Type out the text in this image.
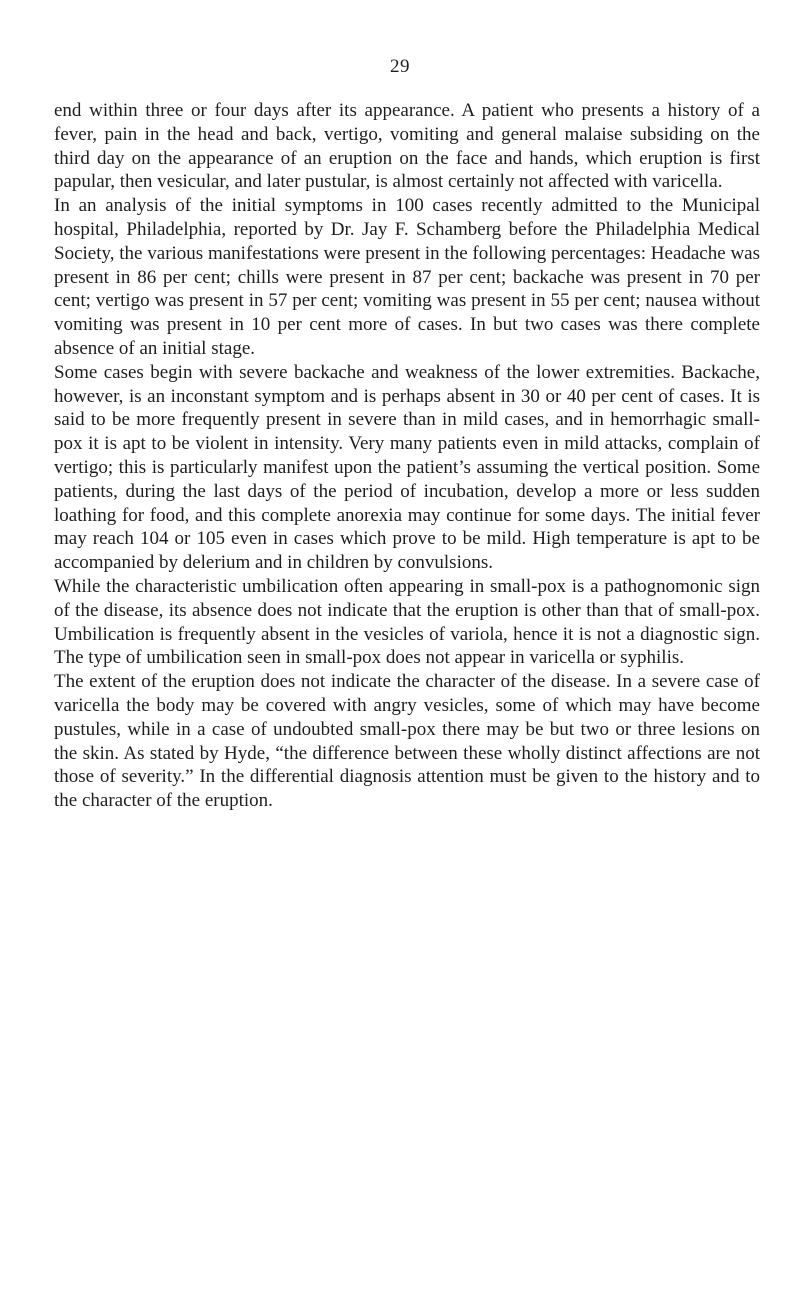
29

end within three or four days after its appearance. A patient who presents a history of a fever, pain in the head and back, vertigo, vomiting and general malaise subsiding on the third day on the appearance of an eruption on the face and hands, which eruption is first papular, then vesicular, and later pustular, is almost certainly not affected with varicella.

In an analysis of the initial symptoms in 100 cases recently admitted to the Municipal hospital, Philadelphia, reported by Dr. Jay F. Schamberg before the Philadelphia Medical Society, the various manifestations were present in the following percentages: Headache was present in 86 per cent; chills were present in 87 per cent; backache was present in 70 per cent; vertigo was present in 57 per cent; vomiting was present in 55 per cent; nausea without vomiting was present in 10 per cent more of cases. In but two cases was there complete absence of an initial stage.

Some cases begin with severe backache and weakness of the lower extremities. Backache, however, is an inconstant symptom and is perhaps absent in 30 or 40 per cent of cases. It is said to be more frequently present in severe than in mild cases, and in hemorrhagic small-pox it is apt to be violent in intensity. Very many patients even in mild attacks, complain of vertigo; this is particularly manifest upon the patient’s assuming the vertical position. Some patients, during the last days of the period of incubation, develop a more or less sudden loathing for food, and this complete anorexia may continue for some days. The initial fever may reach 104 or 105 even in cases which prove to be mild. High temperature is apt to be accompanied by delerium and in children by convulsions.

While the characteristic umbilication often appearing in small-pox is a pathognomonic sign of the disease, its absence does not indicate that the eruption is other than that of small-pox. Umbilication is frequently absent in the vesicles of variola, hence it is not a diagnostic sign. The type of umbilication seen in small-pox does not appear in varicella or syphilis.

The extent of the eruption does not indicate the character of the disease. In a severe case of varicella the body may be covered with angry vesicles, some of which may have become pustules, while in a case of undoubted small-pox there may be but two or three lesions on the skin. As stated by Hyde, “the difference between these wholly distinct affections are not those of severity.” In the differential diagnosis attention must be given to the history and to the character of the eruption.
